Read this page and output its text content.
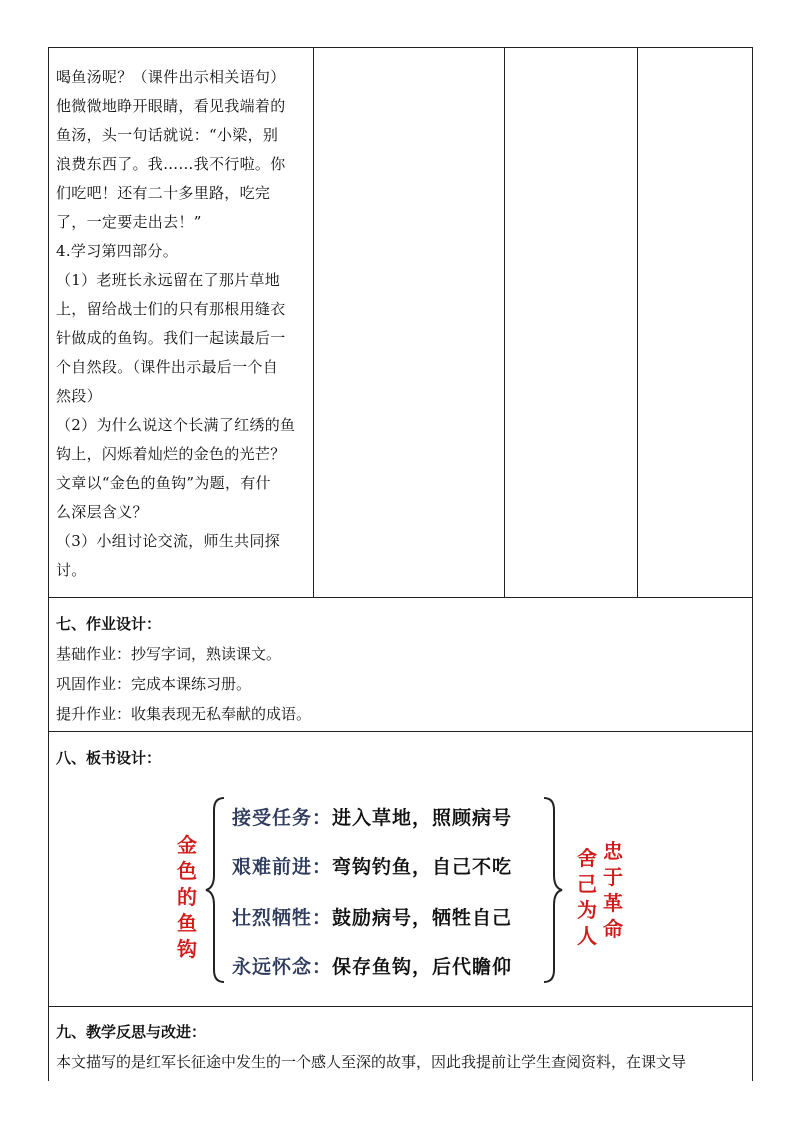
喝鱼汤呢？（课件出示相关语句）
他微微地睁开眼睛，看见我端着的
鱼汤，头一句话就说：“小梁，别
浪费东西了。我……我不行啦。你
们吃吧！还有二十多里路，吃完
了，一定要走出去！”
4.学习第四部分。
（1）老班长永远留在了那片草地
上，留给战士们的只有那根用缝衣
针做成的鱼钩。我们一起读最后一
个自然段。（课件出示最后一个自
然段）
（2）为什么说这个长满了红绣的鱼
钩上，闪烁着灿烂的金色的光芒？
文章以“金色的鱼钩”为题，有什
么深层含义？
（3）小组讨论交流，师生共同探
讨。
七、作业设计：
基础作业：抄写字词，熟读课文。
巩固作业：完成本课练习册。
提升作业：收集表现无私奉献的成语。
八、板书设计：
金
色
的
鱼
钩
接受任务：进入草地，照顾病号
艰难前进：弯钩钓鱼，自己不吃
壮烈牺牲：鼓励病号，牺牲自己
永远怀念：保存鱼钩，后代瞻仰
舍
己
为
人
忠
于
革
命
九、教学反思与改进：
本文描写的是红军长征途中发生的一个感人至深的故事，因此我提前让学生查阅资料，在课文导
